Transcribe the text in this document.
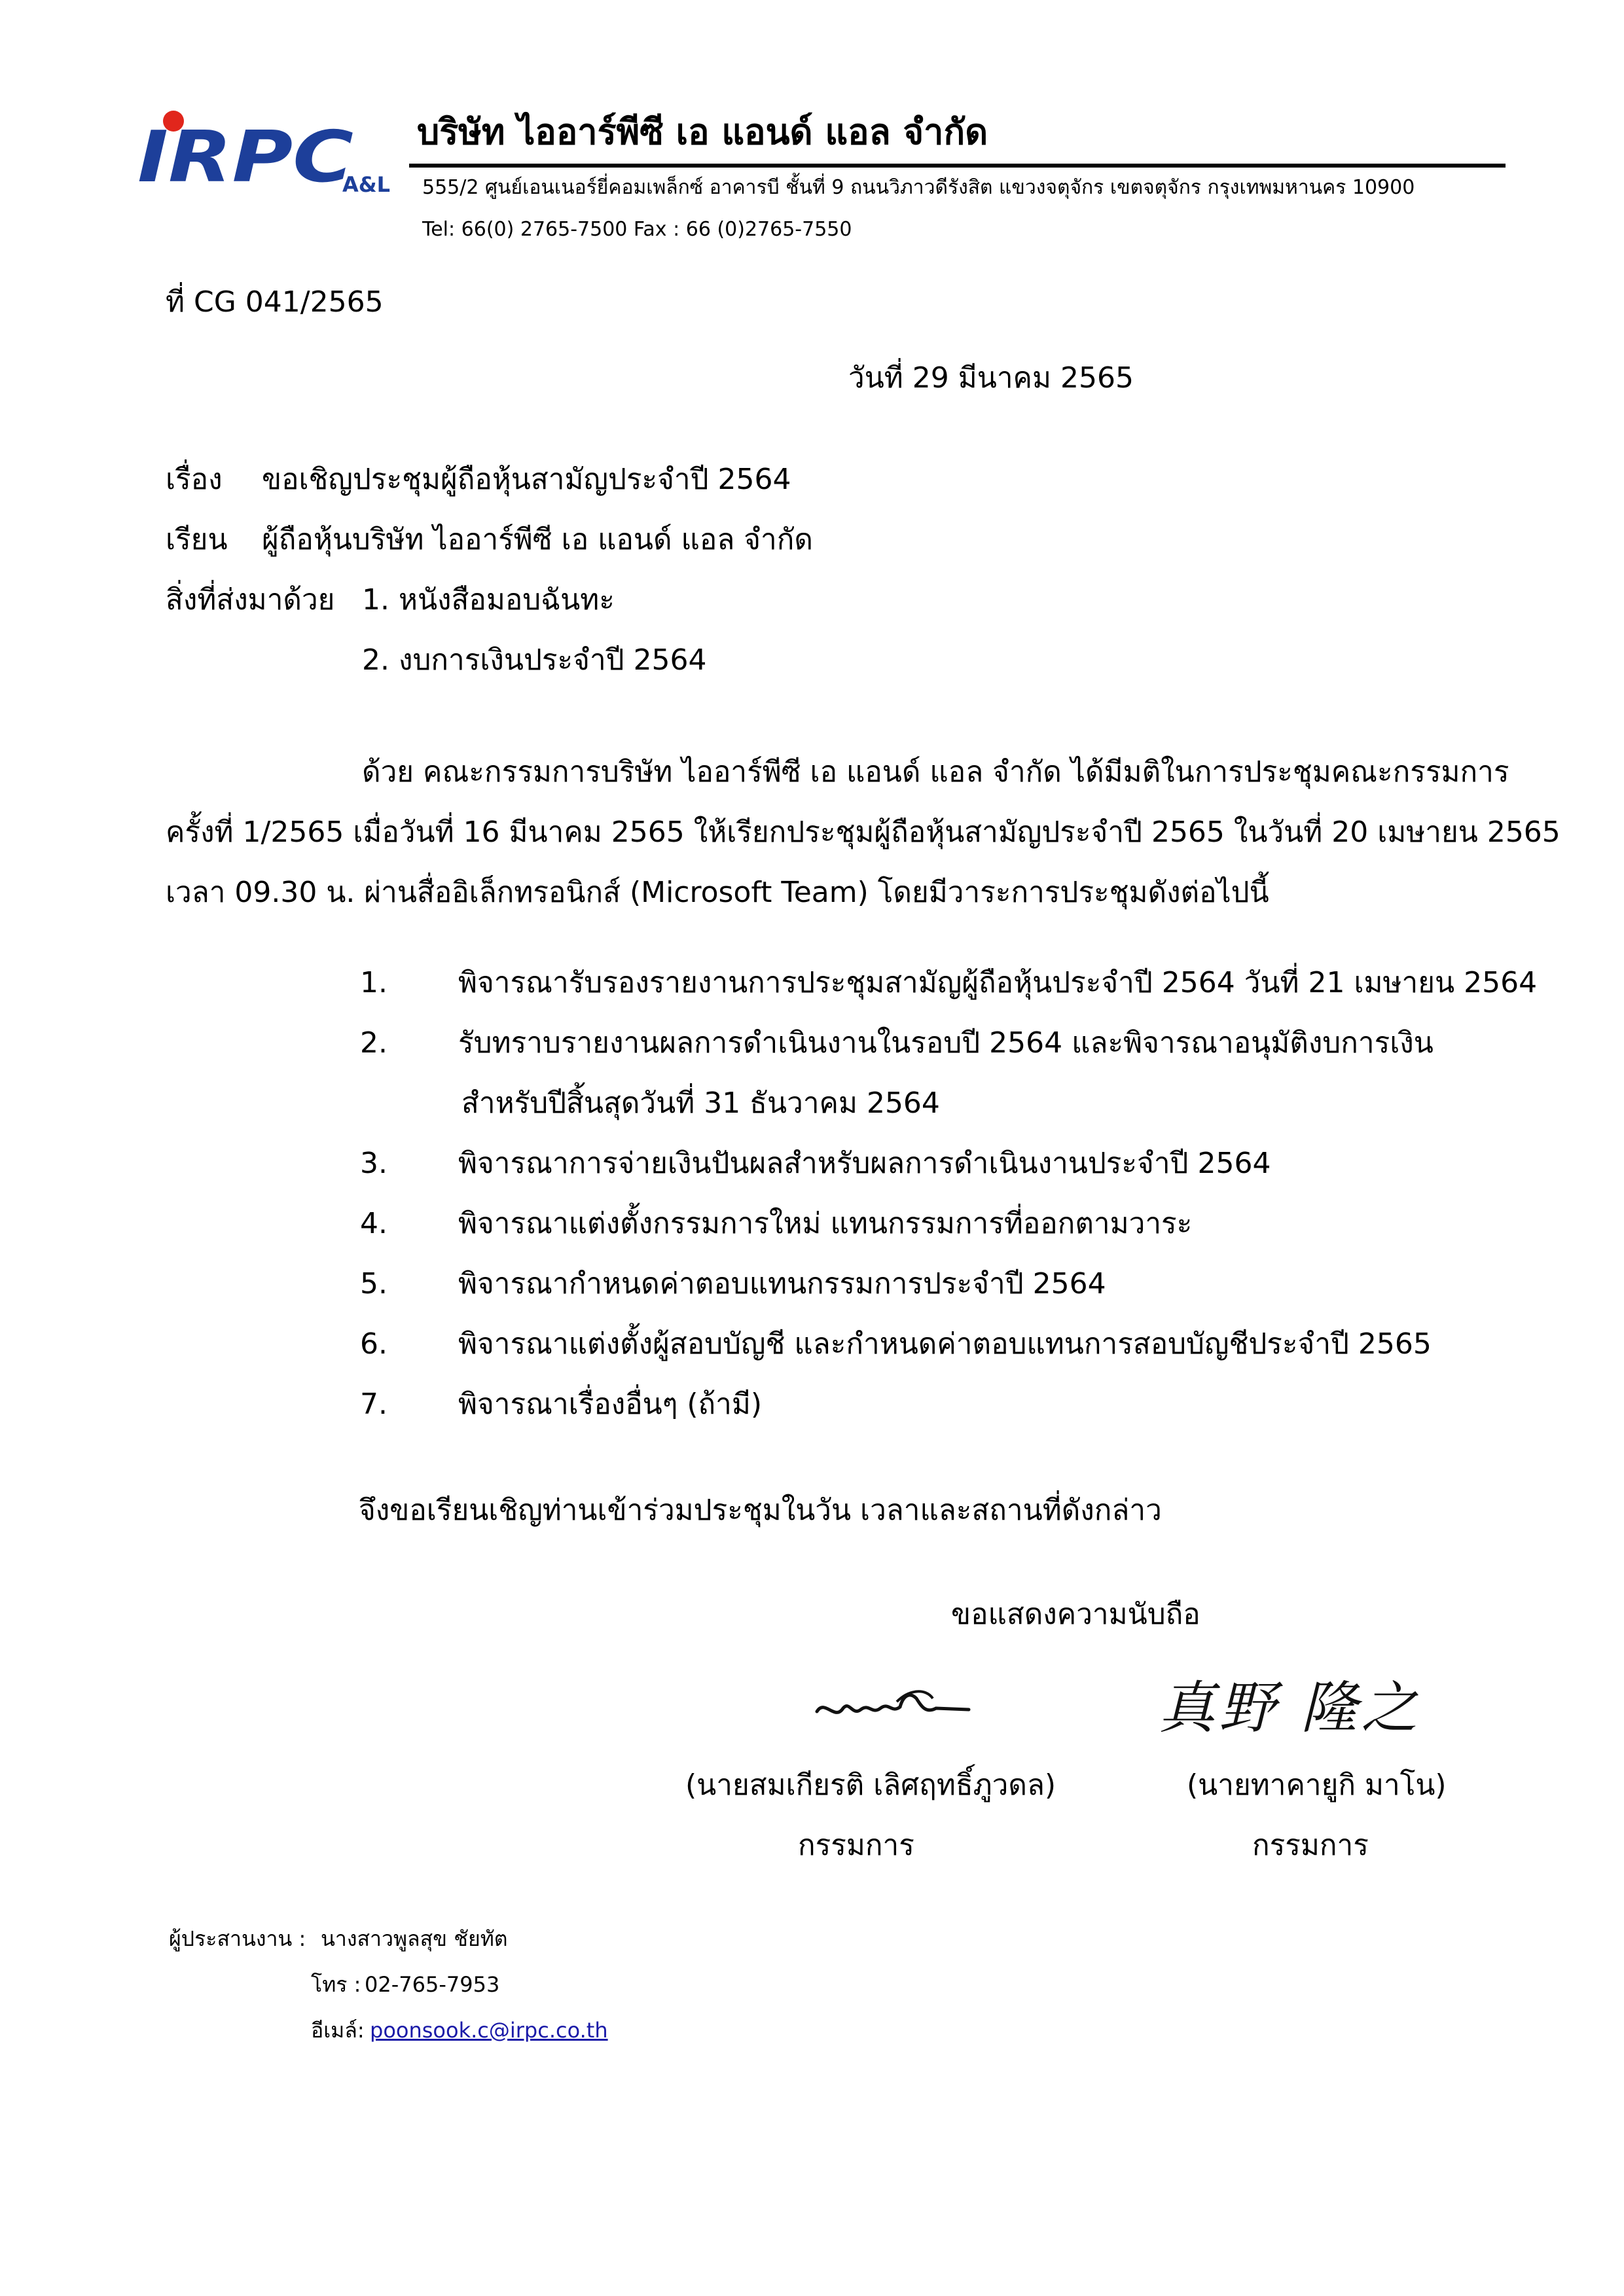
IRPC
A&L
บริษัท ไออาร์พีซี เอ แอนด์ แอล จำกัด
555/2 ศูนย์เอนเนอร์ยี่คอมเพล็กซ์ อาคารบี ชั้นที่ 9 ถนนวิภาวดีรังสิต แขวงจตุจักร เขตจตุจักร กรุงเทพมหานคร 10900
Tel: 66(0) 2765-7500 Fax : 66 (0)2765-7550
ที่ CG 041/2565
วันที่ 29 มีนาคม 2565
เรื่อง ขอเชิญประชุมผู้ถือหุ้นสามัญประจำปี 2564
เรียน ผู้ถือหุ้นบริษัท ไออาร์พีซี เอ แอนด์ แอล จำกัด
สิ่งที่ส่งมาด้วย 1. หนังสือมอบฉันทะ
2. งบการเงินประจำปี 2564
ด้วย คณะกรรมการบริษัท ไออาร์พีซี เอ แอนด์ แอล จำกัด ได้มีมติในการประชุมคณะกรรมการ
ครั้งที่ 1/2565 เมื่อวันที่ 16 มีนาคม 2565 ให้เรียกประชุมผู้ถือหุ้นสามัญประจำปี 2565 ในวันที่ 20 เมษายน 2565
เวลา 09.30 น. ผ่านสื่ออิเล็กทรอนิกส์ (Microsoft Team) โดยมีวาระการประชุมดังต่อไปนี้
1. พิจารณารับรองรายงานการประชุมสามัญผู้ถือหุ้นประจำปี 2564 วันที่ 21 เมษายน 2564
2. รับทราบรายงานผลการดำเนินงานในรอบปี 2564 และพิจารณาอนุมัติงบการเงิน
สำหรับปีสิ้นสุดวันที่ 31 ธันวาคม 2564
3. พิจารณาการจ่ายเงินปันผลสำหรับผลการดำเนินงานประจำปี 2564
4. พิจารณาแต่งตั้งกรรมการใหม่ แทนกรรมการที่ออกตามวาระ
5. พิจารณากำหนดค่าตอบแทนกรรมการประจำปี 2564
6. พิจารณาแต่งตั้งผู้สอบบัญชี และกำหนดค่าตอบแทนการสอบบัญชีประจำปี 2565
7. พิจารณาเรื่องอื่นๆ (ถ้ามี)
จึงขอเรียนเชิญท่านเข้าร่วมประชุมในวัน เวลาและสถานที่ดังกล่าว
ขอแสดงความนับถือ
真野 隆之
(นายสมเกียรติ เลิศฤทธิ์ภูวดล)
กรรมการ
(นายทาคายูกิ มาโน)
กรรมการ
ผู้ประสานงาน : นางสาวพูลสุข ชัยทัต
โทร : 02-765-7953
อีเมล์: poonsook.c@irpc.co.th
